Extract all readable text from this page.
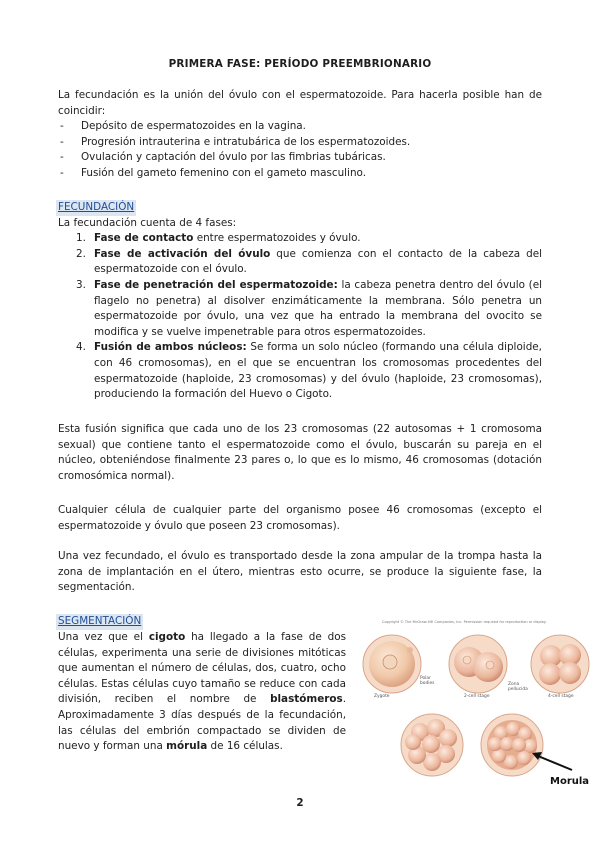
PRIMERA FASE: PERÍODO PREEMBRIONARIO
La fecundación es la unión del óvulo con el espermatozoide. Para hacerla posible han de coincidir:
- Depósito de espermatozoides en la vagina.
- Progresión intrauterina e intratubárica de los espermatozoides.
- Ovulación y captación del óvulo por las fimbrias tubáricas.
- Fusión del gameto femenino con el gameto masculino.
FECUNDACIÓN
La fecundación cuenta de 4 fases:
1. Fase de contacto entre espermatozoides y óvulo.
2. Fase de activación del óvulo que comienza con el contacto de la cabeza del espermatozoide con el óvulo.
3. Fase de penetración del espermatozoide: la cabeza penetra dentro del óvulo (el flagelo no penetra) al disolver enzimáticamente la membrana. Sólo penetra un espermatozoide por óvulo, una vez que ha entrado la membrana del ovocito se modifica y se vuelve impenetrable para otros espermatozoides.
4. Fusión de ambos núcleos: Se forma un solo núcleo (formando una célula diploide, con 46 cromosomas), en el que se encuentran los cromosomas procedentes del espermatozoide (haploide, 23 cromosomas) y del óvulo (haploide, 23 cromosomas), produciendo la formación del Huevo o Cigoto.
Esta fusión significa que cada uno de los 23 cromosomas (22 autosomas + 1 cromosoma sexual) que contiene tanto el espermatozoide como el óvulo, buscarán su pareja en el núcleo, obteniéndose finalmente 23 pares o, lo que es lo mismo, 46 cromosomas (dotación cromosómica normal).
Cualquier célula de cualquier parte del organismo posee 46 cromosomas (excepto el espermatozoide y óvulo que poseen 23 cromosomas).
Una vez fecundado, el óvulo es transportado desde la zona ampular de la trompa hasta la zona de implantación en el útero, mientras esto ocurre, se produce la siguiente fase, la segmentación.
SEGMENTACIÓN
Una vez que el cigoto ha llegado a la fase de dos células, experimenta una serie de divisiones mitóticas que aumentan el número de células, dos, cuatro, ocho células. Estas células cuyo tamaño se reduce con cada división, reciben el nombre de blastómeros. Aproximadamente 3 días después de la fecundación, las células del embrión compactado se dividen de nuevo y forman una mórula de 16 células.
Copyright © The McGraw-Hill Companies, Inc. Permission required for reproduction or display.
Zygote
Polar bodies
2-cell stage
Zona pellucida
4-cell stage
Morula
2
